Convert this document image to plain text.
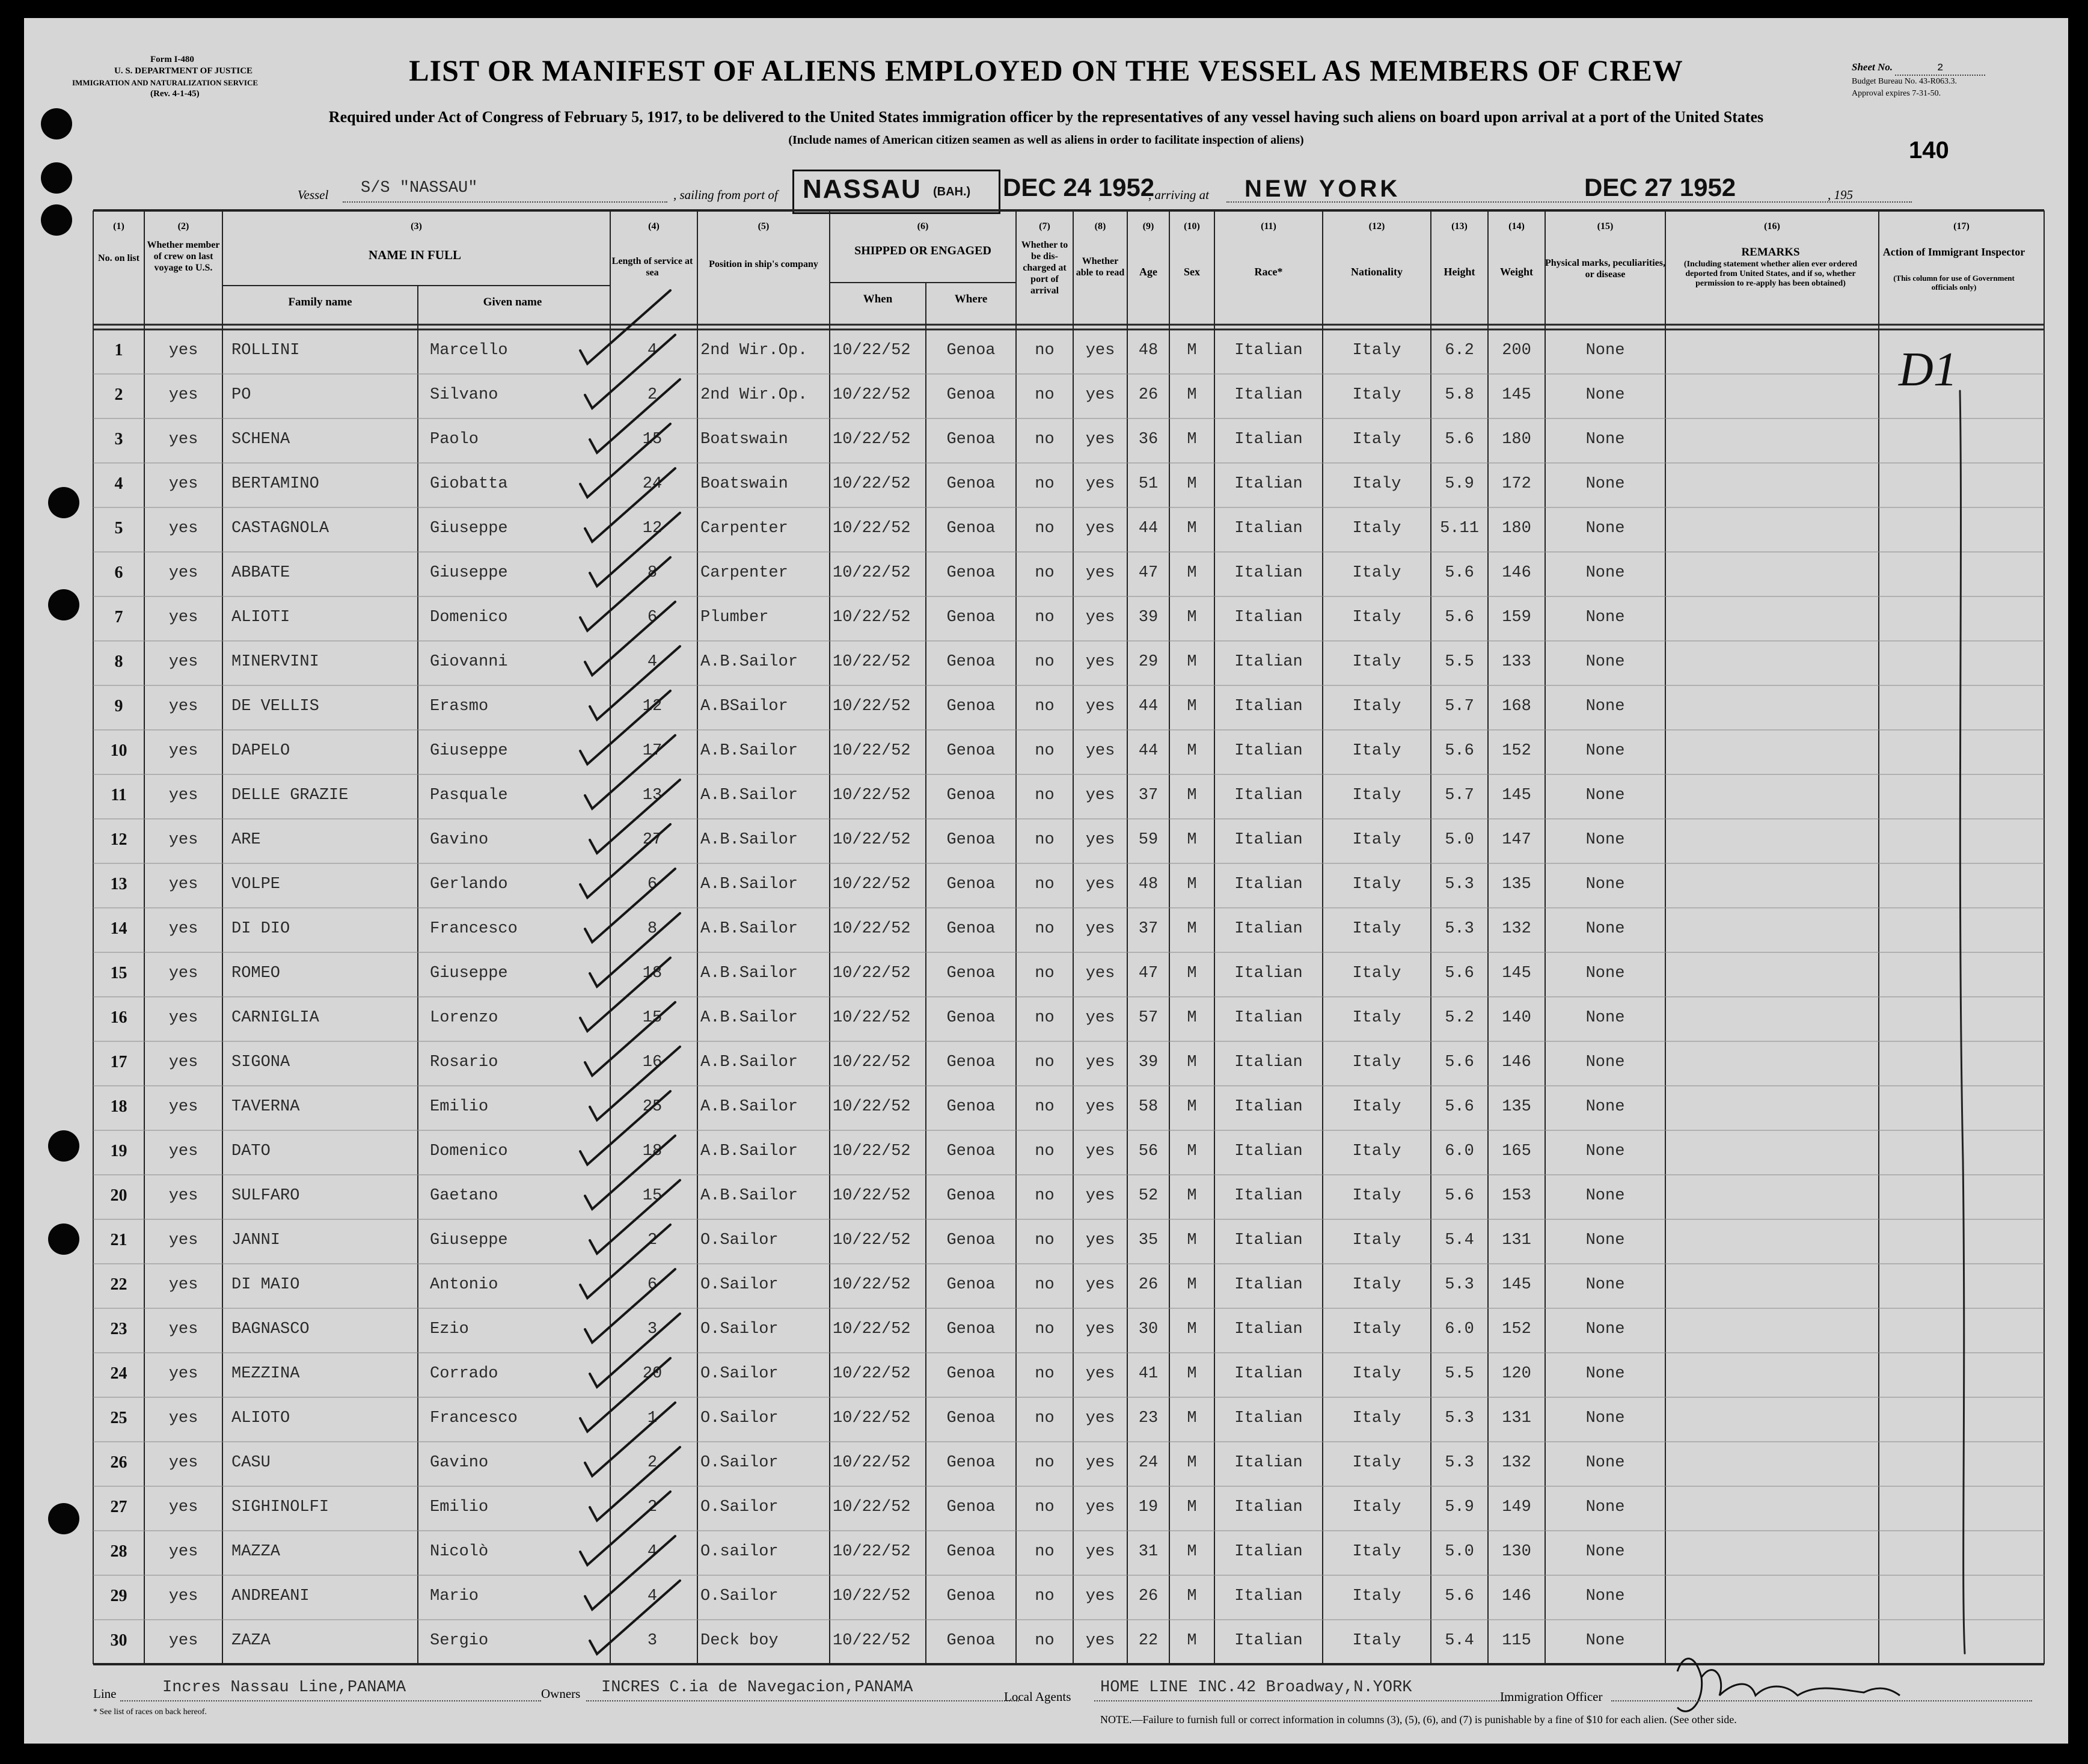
Form I-480
U. S. DEPARTMENT OF JUSTICE
IMMIGRATION AND NATURALIZATION SERVICE
(Rev. 4-1-45)
LIST OR MANIFEST OF ALIENS EMPLOYED ON THE VESSEL AS MEMBERS OF CREW
Required under Act of Congress of February 5, 1917, to be delivered to the United States immigration officer by the representatives of any vessel having such aliens on board upon arrival at a port of the United States
(Include names of American citizen seamen as well as aliens in order to facilitate inspection of aliens)
Sheet No.	2
Budget Bureau No. 43-R063.3.
Approval expires 7-31-50.
140
Vessel S/S "NASSAU"	, sailing from port of NASSAU (BAH.) DEC 24 1952
, arriving at NEW YORK	DEC 27 1952	, 195
(1)	(2)	(3)	(4)	(5)	(6)	(7)	(8)	(9)	(10)	(11)	(12)	(13)	(14)	(15)	(16)	(17)
No. on list
Whether member of crew on last voyage to U.S.
NAME IN FULL
Family name	Given name
Length of service at sea
Position in ship's company
SHIPPED OR ENGAGED
When	Where
Whether to be dis-charged at port of arrival
Whether able to read	Age	Sex	Race*	Nationality	Height	Weight
Physical marks, peculiarities, or disease
REMARKS
(Including statement whether alien ever ordered deported from United States, and if so, whether permission to re-apply has been obtained)
Action of Immigrant Inspector
(This column for use of Government officials only)
1	yes	ROLLINI	Marcello	4	2nd Wir.Op.	10/22/52	Genoa	no	yes	48	M	Italian	Italy	6.2	200	None
2	yes	PO	Silvano	2	2nd Wir.Op.	10/22/52	Genoa	no	yes	26	M	Italian	Italy	5.8	145	None
3	yes	SCHENA	Paolo	15	Boatswain	10/22/52	Genoa	no	yes	36	M	Italian	Italy	5.6	180	None
4	yes	BERTAMINO	Giobatta	24	Boatswain	10/22/52	Genoa	no	yes	51	M	Italian	Italy	5.9	172	None
5	yes	CASTAGNOLA	Giuseppe	12	Carpenter	10/22/52	Genoa	no	yes	44	M	Italian	Italy	5.11	180	None
6	yes	ABBATE	Giuseppe	8	Carpenter	10/22/52	Genoa	no	yes	47	M	Italian	Italy	5.6	146	None
7	yes	ALIOTI	Domenico	6	Plumber	10/22/52	Genoa	no	yes	39	M	Italian	Italy	5.6	159	None
8	yes	MINERVINI	Giovanni	4	A.B.Sailor	10/22/52	Genoa	no	yes	29	M	Italian	Italy	5.5	133	None
9	yes	DE VELLIS	Erasmo	12	A.BSailor	10/22/52	Genoa	no	yes	44	M	Italian	Italy	5.7	168	None
10	yes	DAPELO	Giuseppe	17	A.B.Sailor	10/22/52	Genoa	no	yes	44	M	Italian	Italy	5.6	152	None
11	yes	DELLE GRAZIE	Pasquale	13	A.B.Sailor	10/22/52	Genoa	no	yes	37	M	Italian	Italy	5.7	145	None
12	yes	ARE	Gavino	27	A.B.Sailor	10/22/52	Genoa	no	yes	59	M	Italian	Italy	5.0	147	None
13	yes	VOLPE	Gerlando	6	A.B.Sailor	10/22/52	Genoa	no	yes	48	M	Italian	Italy	5.3	135	None
14	yes	DI DIO	Francesco	8	A.B.Sailor	10/22/52	Genoa	no	yes	37	M	Italian	Italy	5.3	132	None
15	yes	ROMEO	Giuseppe	18	A.B.Sailor	10/22/52	Genoa	no	yes	47	M	Italian	Italy	5.6	145	None
16	yes	CARNIGLIA	Lorenzo	15	A.B.Sailor	10/22/52	Genoa	no	yes	57	M	Italian	Italy	5.2	140	None
17	yes	SIGONA	Rosario	16	A.B.Sailor	10/22/52	Genoa	no	yes	39	M	Italian	Italy	5.6	146	None
18	yes	TAVERNA	Emilio	25	A.B.Sailor	10/22/52	Genoa	no	yes	58	M	Italian	Italy	5.6	135	None
19	yes	DATO	Domenico	18	A.B.Sailor	10/22/52	Genoa	no	yes	56	M	Italian	Italy	6.0	165	None
20	yes	SULFARO	Gaetano	15	A.B.Sailor	10/22/52	Genoa	no	yes	52	M	Italian	Italy	5.6	153	None
21	yes	JANNI	Giuseppe	2	O.Sailor	10/22/52	Genoa	no	yes	35	M	Italian	Italy	5.4	131	None
22	yes	DI MAIO	Antonio	6	O.Sailor	10/22/52	Genoa	no	yes	26	M	Italian	Italy	5.3	145	None
23	yes	BAGNASCO	Ezio	3	O.Sailor	10/22/52	Genoa	no	yes	30	M	Italian	Italy	6.0	152	None
24	yes	MEZZINA	Corrado	20	O.Sailor	10/22/52	Genoa	no	yes	41	M	Italian	Italy	5.5	120	None
25	yes	ALIOTO	Francesco	1	O.Sailor	10/22/52	Genoa	no	yes	23	M	Italian	Italy	5.3	131	None
26	yes	CASU	Gavino	2	O.Sailor	10/22/52	Genoa	no	yes	24	M	Italian	Italy	5.3	132	None
27	yes	SIGHINOLFI	Emilio	2	O.Sailor	10/22/52	Genoa	no	yes	19	M	Italian	Italy	5.9	149	None
28	yes	MAZZA	Nicolò	4	O.sailor	10/22/52	Genoa	no	yes	31	M	Italian	Italy	5.0	130	None
29	yes	ANDREANI	Mario	4	O.Sailor	10/22/52	Genoa	no	yes	26	M	Italian	Italy	5.6	146	None
30	yes	ZAZA	Sergio	3	Deck boy	10/22/52	Genoa	no	yes	22	M	Italian	Italy	5.4	115	None
D1
Line	Incres Nassau Line,PANAMA	Owners INCRES C.ia de Navegacion,PANAMA	Local Agents HOME LINE INC.42 Broadway,N.YORK	Immigration Officer
* See list of races on back hereof.
NOTE.—Failure to furnish full or correct information in columns (3), (5), (6), and (7) is punishable by a fine of $10 for each alien. (See other side.
